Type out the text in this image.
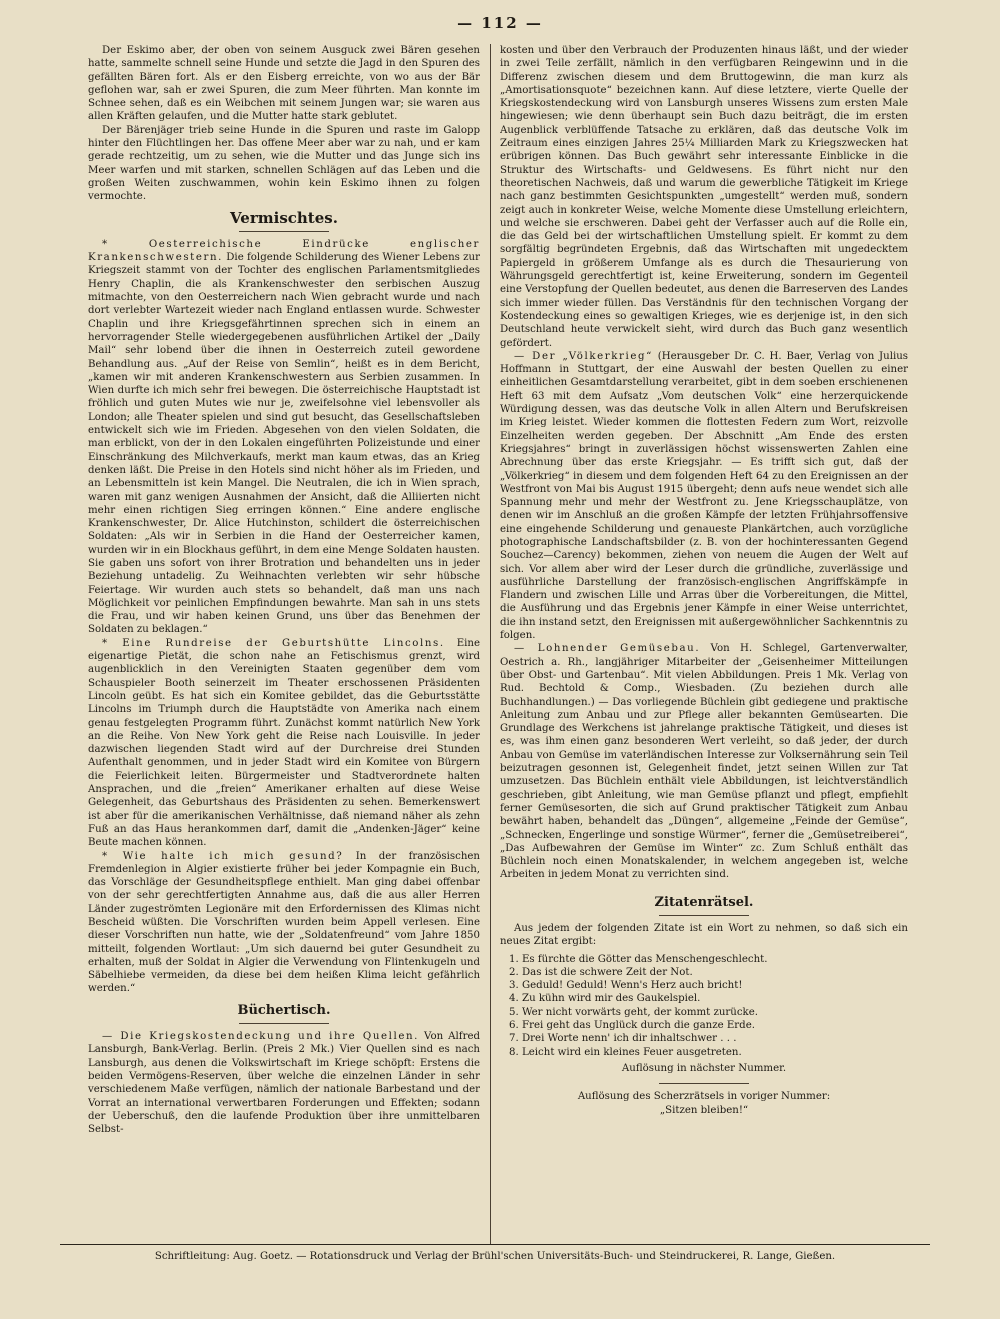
— 112 —

Der Eskimo aber, der oben von seinem Ausguck zwei Bären gesehen hatte, sammelte schnell seine Hunde und setzte die Jagd in den Spuren des gefällten Bären fort. Als er den Eisberg erreichte, von wo aus der Bär geflohen war, sah er zwei Spuren, die zum Meer führten. Man konnte im Schnee sehen, daß es ein Weibchen mit seinem Jungen war; sie waren aus allen Kräften gelaufen, und die Mutter hatte stark geblutet.

Der Bärenjäger trieb seine Hunde in die Spuren und raste im Galopp hinter den Flüchtlingen her. Das offene Meer aber war zu nah, und er kam gerade rechtzeitig, um zu sehen, wie die Mutter und das Junge sich ins Meer warfen und mit starken, schnellen Schlägen auf das Leben und die großen Weiten zuschwammen, wohin kein Eskimo ihnen zu folgen vermochte.

Vermischtes.

* Oesterreichische Eindrücke englischer Krankenschwestern. Die folgende Schilderung des Wiener Lebens zur Kriegszeit stammt von der Tochter des englischen Parlamentsmitgliedes Henry Chaplin, die als Krankenschwester den serbischen Auszug mitmachte, von den Oesterreichern nach Wien gebracht wurde und nach dort verlebter Wartezeit wieder nach England entlassen wurde. Schwester Chaplin und ihre Kriegsgefährtinnen sprechen sich in einem an hervorragender Stelle wiedergegebenen ausführlichen Artikel der „Daily Mail“ sehr lobend über die ihnen in Oesterreich zuteil gewordene Behandlung aus. „Auf der Reise von Semlin“, heißt es in dem Bericht, „kamen wir mit anderen Krankenschwestern aus Serbien zusammen. In Wien durfte ich mich sehr frei bewegen. Die österreichische Hauptstadt ist fröhlich und guten Mutes wie nur je, zweifelsohne viel lebensvoller als London; alle Theater spielen und sind gut besucht, das Gesellschaftsleben entwickelt sich wie im Frieden. Abgesehen von den vielen Soldaten, die man erblickt, von der in den Lokalen eingeführten Polizeistunde und einer Einschränkung des Milchverkaufs, merkt man kaum etwas, das an Krieg denken läßt. Die Preise in den Hotels sind nicht höher als im Frieden, und an Lebensmitteln ist kein Mangel. Die Neutralen, die ich in Wien sprach, waren mit ganz wenigen Ausnahmen der Ansicht, daß die Alliierten nicht mehr einen richtigen Sieg erringen können.“ Eine andere englische Krankenschwester, Dr. Alice Hutchinston, schildert die österreichischen Soldaten: „Als wir in Serbien in die Hand der Oesterreicher kamen, wurden wir in ein Blockhaus geführt, in dem eine Menge Soldaten hausten. Sie gaben uns sofort von ihrer Brotration und behandelten uns in jeder Beziehung untadelig. Zu Weihnachten verlebten wir sehr hübsche Feiertage. Wir wurden auch stets so behandelt, daß man uns nach Möglichkeit vor peinlichen Empfindungen bewahrte. Man sah in uns stets die Frau, und wir haben keinen Grund, uns über das Benehmen der Soldaten zu beklagen.“

* Eine Rundreise der Geburtshütte Lincolns. Eine eigenartige Pietät, die schon nahe an Fetischismus grenzt, wird augenblicklich in den Vereinigten Staaten gegenüber dem vom Schauspieler Booth seinerzeit im Theater erschossenen Präsidenten Lincoln geübt. Es hat sich ein Komitee gebildet, das die Geburtsstätte Lincolns im Triumph durch die Hauptstädte von Amerika nach einem genau festgelegten Programm führt. Zunächst kommt natürlich New York an die Reihe. Von New York geht die Reise nach Louisville. In jeder dazwischen liegenden Stadt wird auf der Durchreise drei Stunden Aufenthalt genommen, und in jeder Stadt wird ein Komitee von Bürgern die Feierlichkeit leiten. Bürgermeister und Stadtverordnete halten Ansprachen, und die „freien“ Amerikaner erhalten auf diese Weise Gelegenheit, das Geburtshaus des Präsidenten zu sehen. Bemerkenswert ist aber für die amerikanischen Verhältnisse, daß niemand näher als zehn Fuß an das Haus herankommen darf, damit die „Andenken-Jäger“ keine Beute machen können.

* Wie halte ich mich gesund? In der französischen Fremdenlegion in Algier existierte früher bei jeder Kompagnie ein Buch, das Vorschläge der Gesundheitspflege enthielt. Man ging dabei offenbar von der sehr gerechtfertigten Annahme aus, daß die aus aller Herren Länder zugeströmten Legionäre mit den Erfordernissen des Klimas nicht Bescheid wüßten. Die Vorschriften wurden beim Appell verlesen. Eine dieser Vorschriften nun hatte, wie der „Soldatenfreund“ vom Jahre 1850 mitteilt, folgenden Wortlaut: „Um sich dauernd bei guter Gesundheit zu erhalten, muß der Soldat in Algier die Verwendung von Flintenkugeln und Säbelhiebe vermeiden, da diese bei dem heißen Klima leicht gefährlich werden.“

Büchertisch.

— Die Kriegskostendeckung und ihre Quellen. Von Alfred Lansburgh, Bank-Verlag. Berlin. (Preis 2 Mk.) Vier Quellen sind es nach Lansburgh, aus denen die Volkswirtschaft im Kriege schöpft: Erstens die beiden Vermögens-Reserven, über welche die einzelnen Länder in sehr verschiedenem Maße verfügen, nämlich der nationale Barbestand und der Vorrat an international verwertbaren Forderungen und Effekten; sodann der Ueberschuß, den die laufende Produktion über ihre unmittelbaren Selbst-

kosten und über den Verbrauch der Produzenten hinaus läßt, und der wieder in zwei Teile zerfällt, nämlich in den verfügbaren Reingewinn und in die Differenz zwischen diesem und dem Bruttogewinn, die man kurz als „Amortisationsquote“ bezeichnen kann. Auf diese letztere, vierte Quelle der Kriegskostendeckung wird von Lansburgh unseres Wissens zum ersten Male hingewiesen; wie denn überhaupt sein Buch dazu beiträgt, die im ersten Augenblick verblüffende Tatsache zu erklären, daß das deutsche Volk im Zeitraum eines einzigen Jahres 25¼ Milliarden Mark zu Kriegszwecken hat erübrigen können. Das Buch gewährt sehr interessante Einblicke in die Struktur des Wirtschafts- und Geldwesens. Es führt nicht nur den theoretischen Nachweis, daß und warum die gewerbliche Tätigkeit im Kriege nach ganz bestimmten Gesichtspunkten „umgestellt“ werden muß, sondern zeigt auch in konkreter Weise, welche Momente diese Umstellung erleichtern, und welche sie erschweren. Dabei geht der Verfasser auch auf die Rolle ein, die das Geld bei der wirtschaftlichen Umstellung spielt. Er kommt zu dem sorgfältig begründeten Ergebnis, daß das Wirtschaften mit ungedecktem Papiergeld in größerem Umfange als es durch die Thesaurierung von Währungsgeld gerechtfertigt ist, keine Erweiterung, sondern im Gegenteil eine Verstopfung der Quellen bedeutet, aus denen die Barreserven des Landes sich immer wieder füllen. Das Verständnis für den technischen Vorgang der Kostendeckung eines so gewaltigen Krieges, wie es derjenige ist, in den sich Deutschland heute verwickelt sieht, wird durch das Buch ganz wesentlich gefördert.

— Der „Völkerkrieg“ (Herausgeber Dr. C. H. Baer, Verlag von Julius Hoffmann in Stuttgart, der eine Auswahl der besten Quellen zu einer einheitlichen Gesamtdarstellung verarbeitet, gibt in dem soeben erschienenen Heft 63 mit dem Aufsatz „Vom deutschen Volk“ eine herzerquickende Würdigung dessen, was das deutsche Volk in allen Altern und Berufskreisen im Krieg leistet. Wieder kommen die flottesten Federn zum Wort, reizvolle Einzelheiten werden gegeben. Der Abschnitt „Am Ende des ersten Kriegsjahres“ bringt in zuverlässigen höchst wissenswerten Zahlen eine Abrechnung über das erste Kriegsjahr. — Es trifft sich gut, daß der „Völkerkrieg“ in diesem und dem folgenden Heft 64 zu den Ereignissen an der Westfront von Mai bis August 1915 übergeht; denn aufs neue wendet sich alle Spannung mehr und mehr der Westfront zu. Jene Kriegsschauplätze, von denen wir im Anschluß an die großen Kämpfe der letzten Frühjahrsoffensive eine eingehende Schilderung und genaueste Plankärtchen, auch vorzügliche photographische Landschaftsbilder (z. B. von der hochinteressanten Gegend Souchez—Carency) bekommen, ziehen von neuem die Augen der Welt auf sich. Vor allem aber wird der Leser durch die gründliche, zuverlässige und ausführliche Darstellung der französisch-englischen Angriffskämpfe in Flandern und zwischen Lille und Arras über die Vorbereitungen, die Mittel, die Ausführung und das Ergebnis jener Kämpfe in einer Weise unterrichtet, die ihn instand setzt, den Ereignissen mit außergewöhnlicher Sachkenntnis zu folgen.

— Lohnender Gemüsebau. Von H. Schlegel, Gartenverwalter, Oestrich a. Rh., langjähriger Mitarbeiter der „Geisenheimer Mitteilungen über Obst- und Gartenbau“. Mit vielen Abbildungen. Preis 1 Mk. Verlag von Rud. Bechtold & Comp., Wiesbaden. (Zu beziehen durch alle Buchhandlungen.) — Das vorliegende Büchlein gibt gediegene und praktische Anleitung zum Anbau und zur Pflege aller bekannten Gemüsearten. Die Grundlage des Werkchens ist jahrelange praktische Tätigkeit, und dieses ist es, was ihm einen ganz besonderen Wert verleiht, so daß jeder, der durch Anbau von Gemüse im vaterländischen Interesse zur Volksernährung sein Teil beizutragen gesonnen ist, Gelegenheit findet, jetzt seinen Willen zur Tat umzusetzen. Das Büchlein enthält viele Abbildungen, ist leichtverständlich geschrieben, gibt Anleitung, wie man Gemüse pflanzt und pflegt, empfiehlt ferner Gemüsesorten, die sich auf Grund praktischer Tätigkeit zum Anbau bewährt haben, behandelt das „Düngen“, allgemeine „Feinde der Gemüse“, „Schnecken, Engerlinge und sonstige Würmer“, ferner die „Gemüsetreiberei“, „Das Aufbewahren der Gemüse im Winter“ zc. Zum Schluß enthält das Büchlein noch einen Monatskalender, in welchem angegeben ist, welche Arbeiten in jedem Monat zu verrichten sind.

Zitatenrätsel.

Aus jedem der folgenden Zitate ist ein Wort zu nehmen, so daß sich ein neues Zitat ergibt:

1. Es fürchte die Götter das Menschengeschlecht.
2. Das ist die schwere Zeit der Not.
3. Geduld! Geduld! Wenn's Herz auch bricht!
4. Zu kühn wird mir des Gaukelspiel.
5. Wer nicht vorwärts geht, der kommt zurücke.
6. Frei geht das Unglück durch die ganze Erde.
7. Drei Worte nenn' ich dir inhaltschwer . . .
8. Leicht wird ein kleines Feuer ausgetreten.

Auflösung in nächster Nummer.

Auflösung des Scherzrätsels in voriger Nummer:

„Sitzen bleiben!“

Schriftleitung: Aug. Goetz. — Rotationsdruck und Verlag der Brühl'schen Universitäts-Buch- und Steindruckerei, R. Lange, Gießen.
